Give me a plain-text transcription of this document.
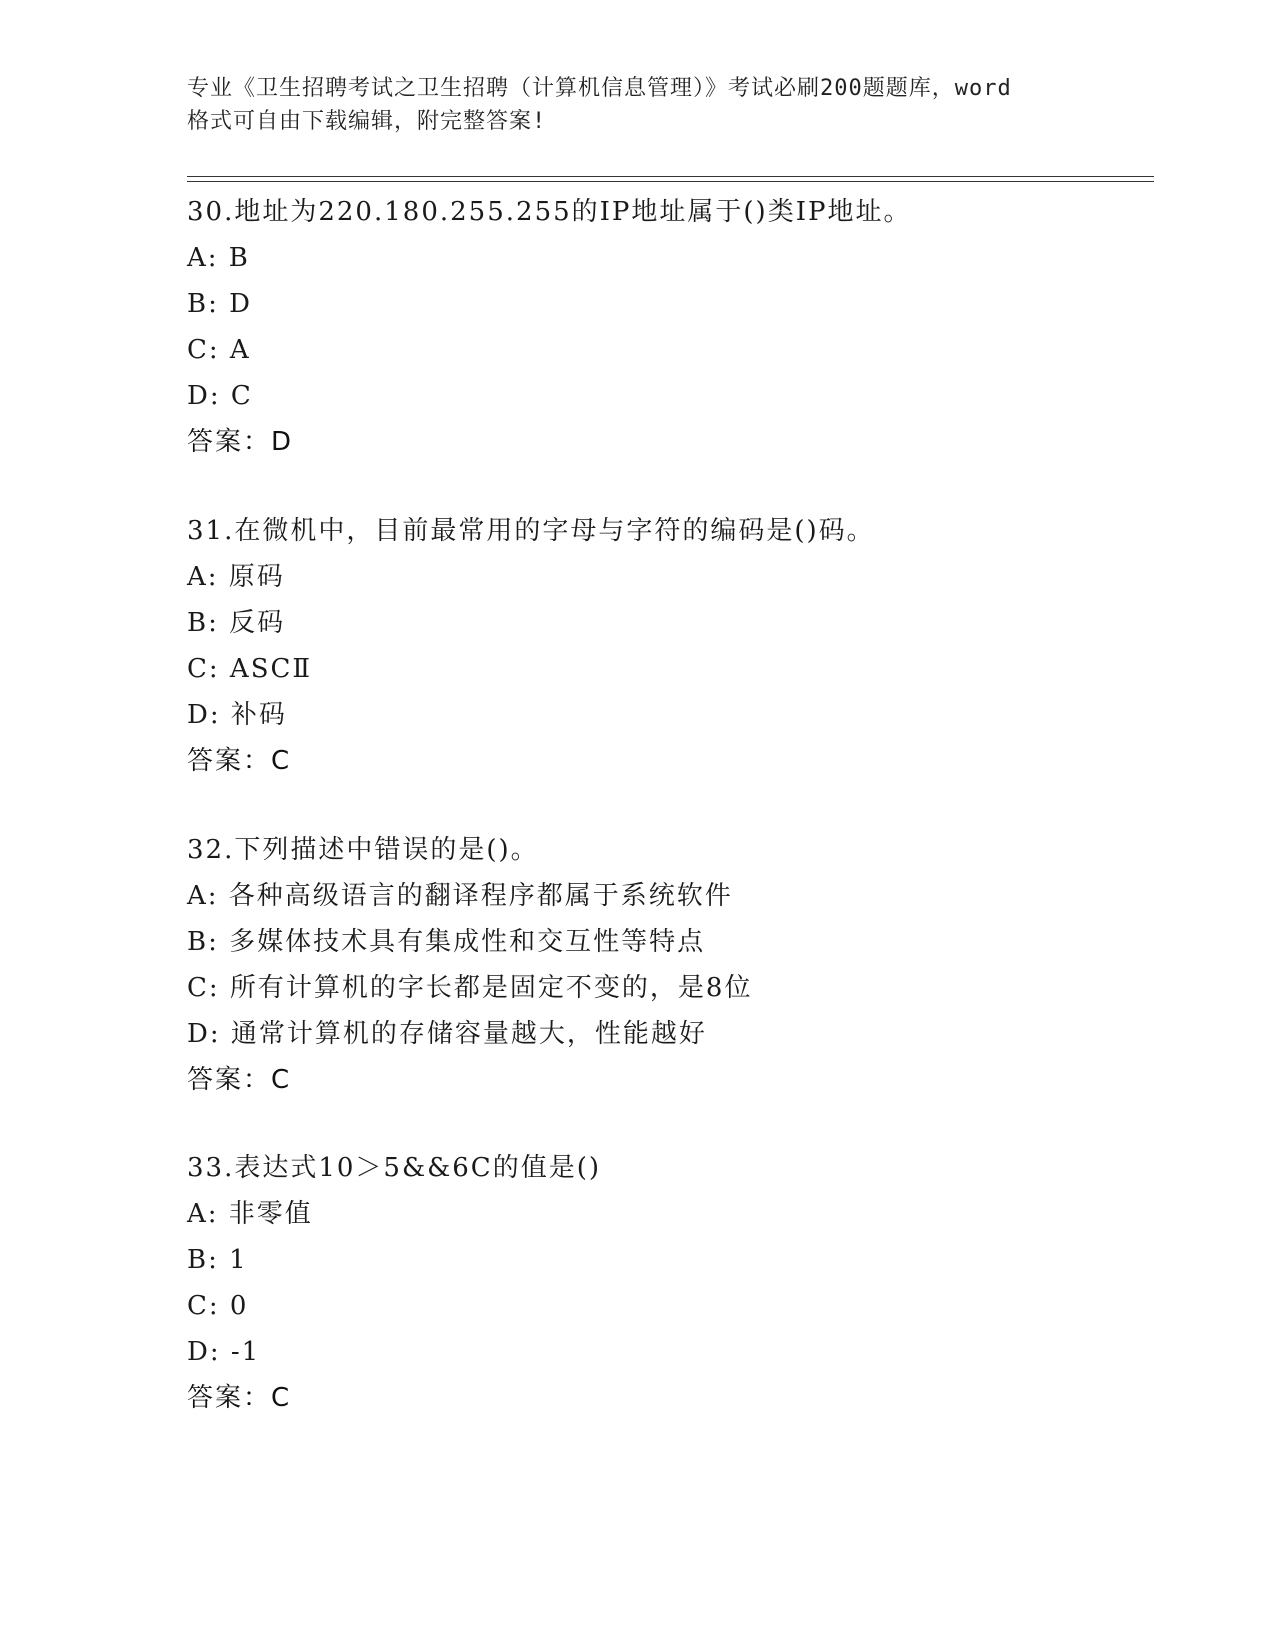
专业《卫生招聘考试之卫生招聘（计算机信息管理）》考试必刷200题题库，word
格式可自由下载编辑，附完整答案!
30.地址为220.180.255.255的IP地址属于()类IP地址。
A: B
B: D
C: A
D: C
答案：D
31.在微机中，目前最常用的字母与字符的编码是()码。
A: 原码
B: 反码
C: ASCⅡ
D: 补码
答案：C
32.下列描述中错误的是()。
A: 各种高级语言的翻译程序都属于系统软件
B: 多媒体技术具有集成性和交互性等特点
C: 所有计算机的字长都是固定不变的，是8位
D: 通常计算机的存储容量越大，性能越好
答案：C
33.表达式10＞5&&6C的值是()
A: 非零值
B: 1
C: 0
D: -1
答案：C
